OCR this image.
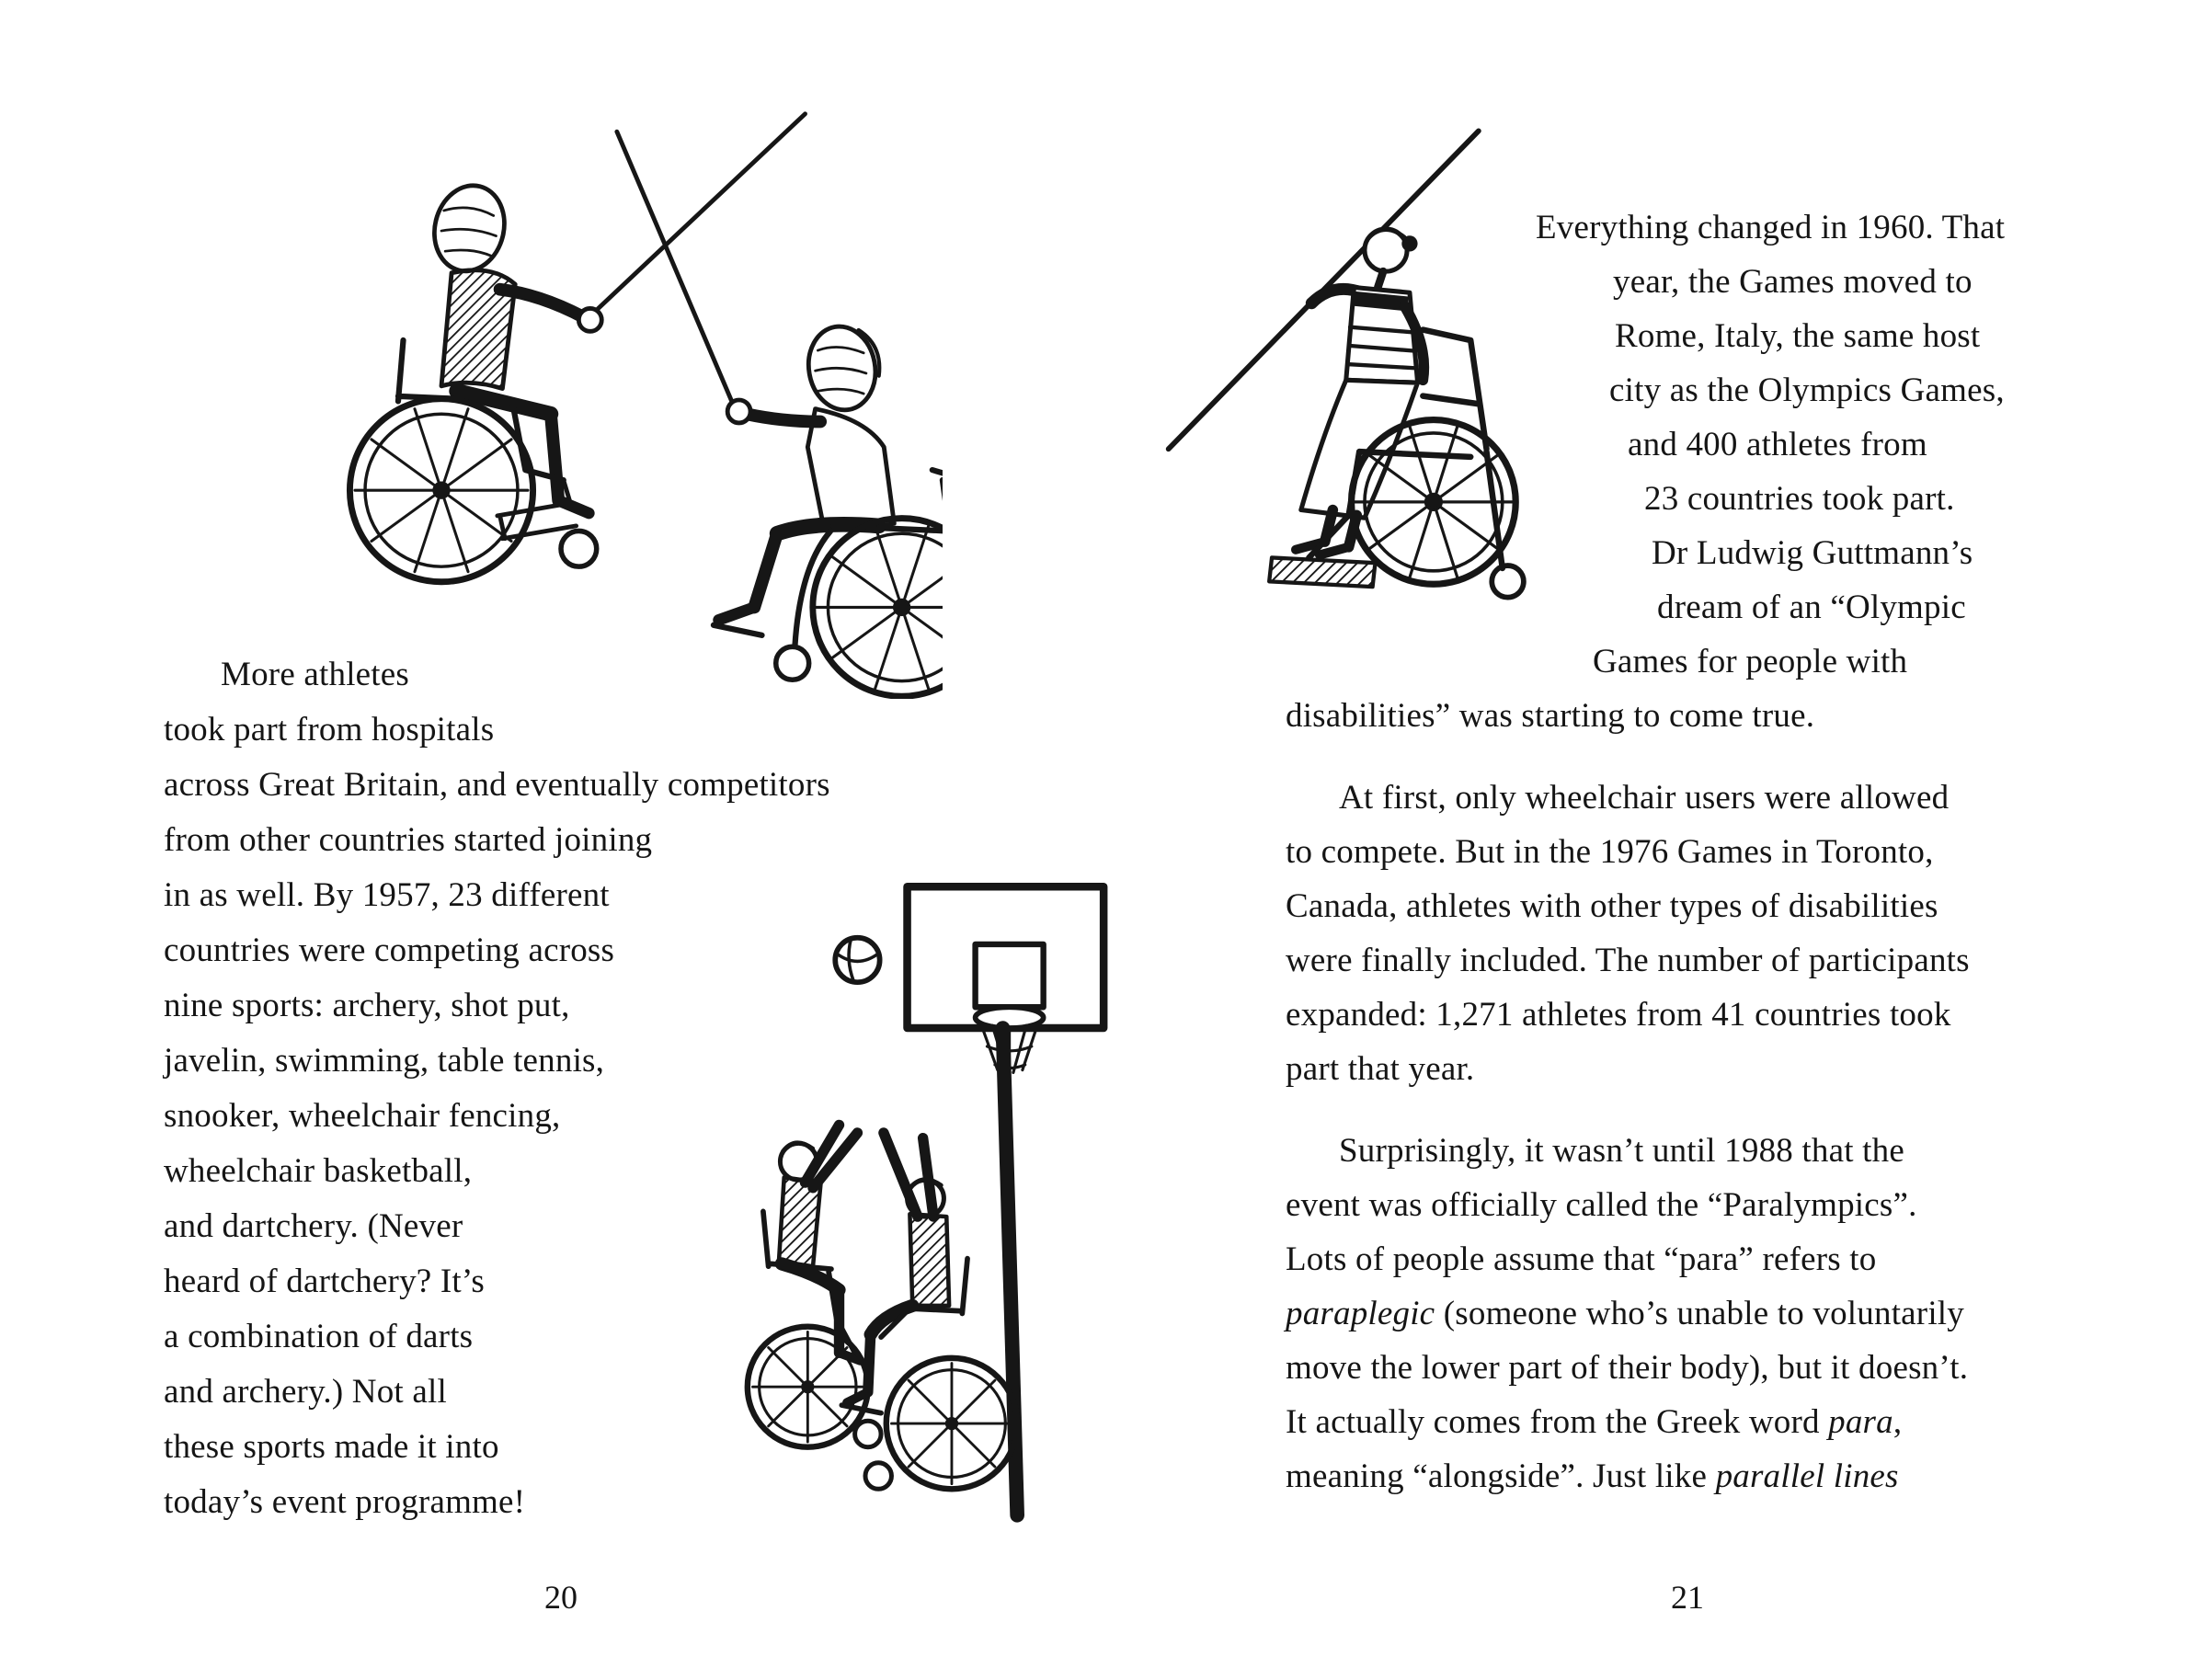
More athletes
took part from hospitals
across Great Britain, and eventually competitors
from other countries started joining
in as well. By 1957, 23 different
countries were competing across
nine sports: archery, shot put,
javelin, swimming, table tennis,
snooker, wheelchair fencing,
wheelchair basketball,
and dartchery. (Never
heard of dartchery? It’s
a combination of darts
and archery.) Not all
these sports made it into
today’s event programme!
20
Everything changed in 1960. That
year, the Games moved to
Rome, Italy, the same host
city as the Olympics Games,
and 400 athletes from
23 countries took part.
Dr Ludwig Guttmann’s
dream of an “Olympic
Games for people with
disabilities” was starting to come true.
At first, only wheelchair users were allowed
to compete. But in the 1976 Games in Toronto,
Canada, athletes with other types of disabilities
were finally included. The number of participants
expanded: 1,271 athletes from 41 countries took
part that year.
Surprisingly, it wasn’t until 1988 that the
event was officially called the “Paralympics”.
Lots of people assume that “para” refers to
paraplegic (someone who’s unable to voluntarily
move the lower part of their body), but it doesn’t.
It actually comes from the Greek word para,
meaning “alongside”. Just like parallel lines
21
